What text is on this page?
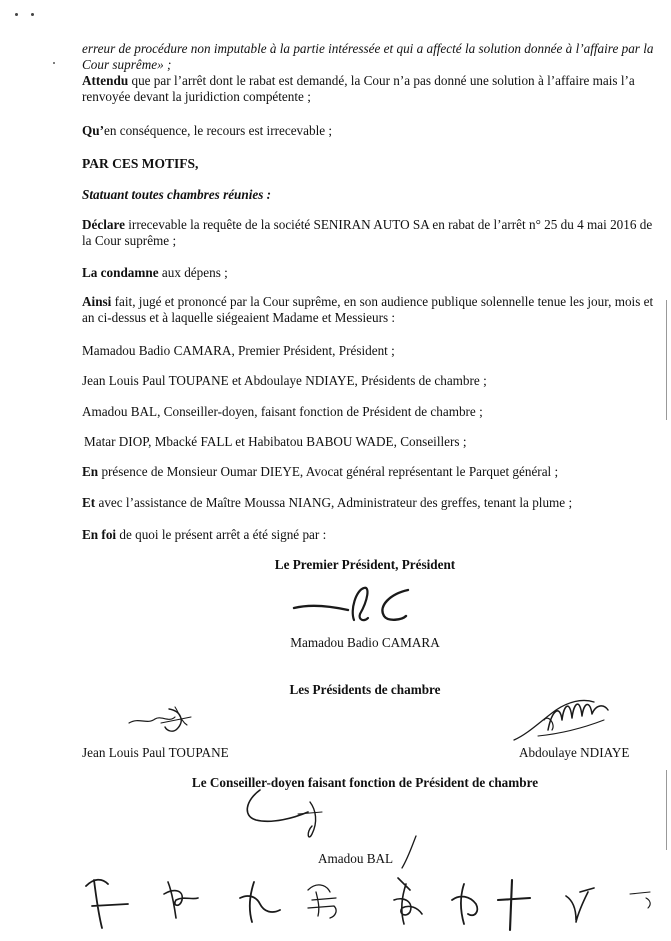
erreur de procédure non imputable à la partie intéressée et qui a affecté la solution donnée à l’affaire par la Cour suprême» ;

Attendu que par l’arrêt dont le rabat est demandé, la Cour n’a pas donné une solution à l’affaire mais l’a renvoyée devant la juridiction compétente ;

Qu’en conséquence, le recours est irrecevable ;

PAR CES MOTIFS,

Statuant toutes chambres réunies :

Déclare irrecevable la requête de la société SENIRAN AUTO SA en rabat de l’arrêt n° 25 du 4 mai 2016 de la Cour suprême ;

La condamne aux dépens ;

Ainsi fait, jugé et prononcé par la Cour suprême, en son audience publique solennelle tenue les jour, mois et an ci-dessus et à laquelle siégeaient Madame et Messieurs :

Mamadou Badio CAMARA, Premier Président, Président ;

Jean Louis Paul TOUPANE et Abdoulaye NDIAYE, Présidents de chambre ;

Amadou BAL, Conseiller-doyen, faisant fonction de Président de chambre ;

Matar DIOP, Mbacké FALL et Habibatou BABOU WADE, Conseillers ;

En présence de Monsieur Oumar DIEYE, Avocat général représentant le Parquet général ;

Et avec l’assistance de Maître Moussa NIANG, Administrateur des greffes, tenant la plume ;

En foi de quoi le présent arrêt a été signé par :

Le Premier Président, Président
Mamadou Badio CAMARA
Les Présidents de chambre
Jean Louis Paul TOUPANE	Abdoulaye NDIAYE
Le Conseiller-doyen faisant fonction de Président de chambre
Amadou BAL
